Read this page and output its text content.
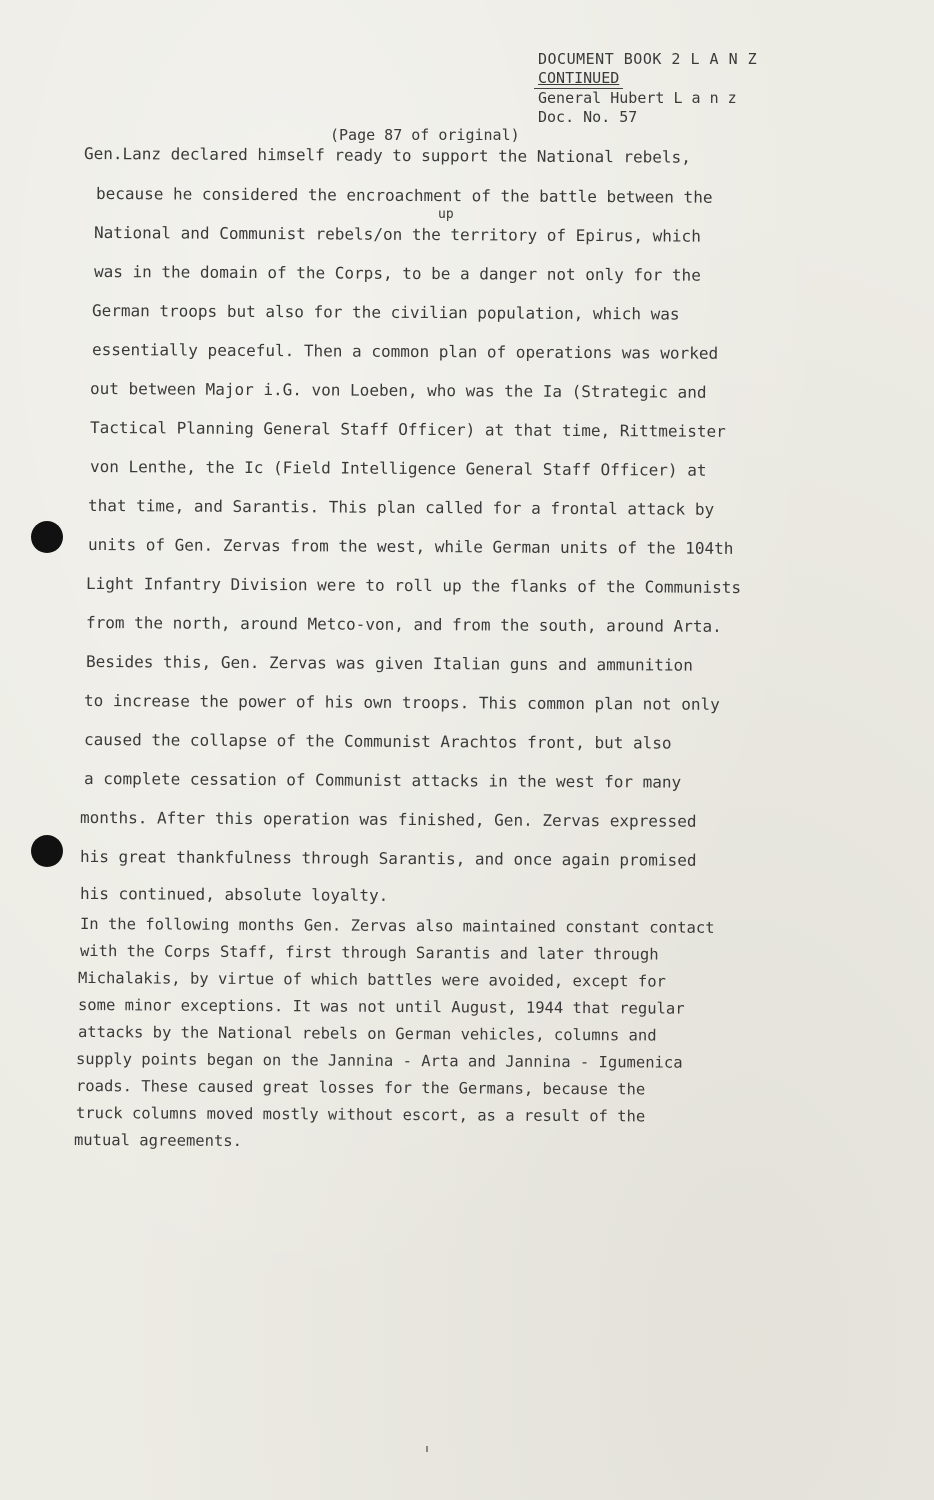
DOCUMENT BOOK 2 L A N Z
CONTINUED
General Hubert L a n z
Doc. No. 57
(Page 87 of original)
up
Gen.Lanz declared himself ready to support the National rebels,
because he considered the encroachment of the battle between the
National and Communist rebels/on the territory of Epirus, which
was in the domain of the Corps, to be a danger not only for the
German troops but also for the civilian population, which was
essentially peaceful. Then a common plan of operations was worked
out between Major i.G. von Loeben, who was the Ia (Strategic and
Tactical Planning General Staff Officer) at that time, Rittmeister
von Lenthe, the Ic (Field Intelligence General Staff Officer) at
that time, and Sarantis. This plan called for a frontal attack by
units of Gen. Zervas from the west, while German units of the 104th
Light Infantry Division were to roll up the flanks of the Communists
from the north, around Metco-von, and from the south, around Arta.
Besides this, Gen. Zervas was given Italian guns and ammunition
to increase the power of his own troops. This common plan not only
caused the collapse of the Communist Arachtos front, but also
a complete cessation of Communist attacks in the west for many
months. After this operation was finished, Gen. Zervas expressed
his great thankfulness through Sarantis, and once again promised
his continued, absolute loyalty.
In the following months Gen. Zervas also maintained constant contact
with the Corps Staff, first through Sarantis and later through
Michalakis, by virtue of which battles were avoided, except for
some minor exceptions. It was not until August, 1944 that regular
attacks by the National rebels on German vehicles, columns and
supply points began on the Jannina - Arta and Jannina - Igumenica
roads. These caused great losses for the Germans, because the
truck columns moved mostly without escort, as a result of the
mutual agreements.
